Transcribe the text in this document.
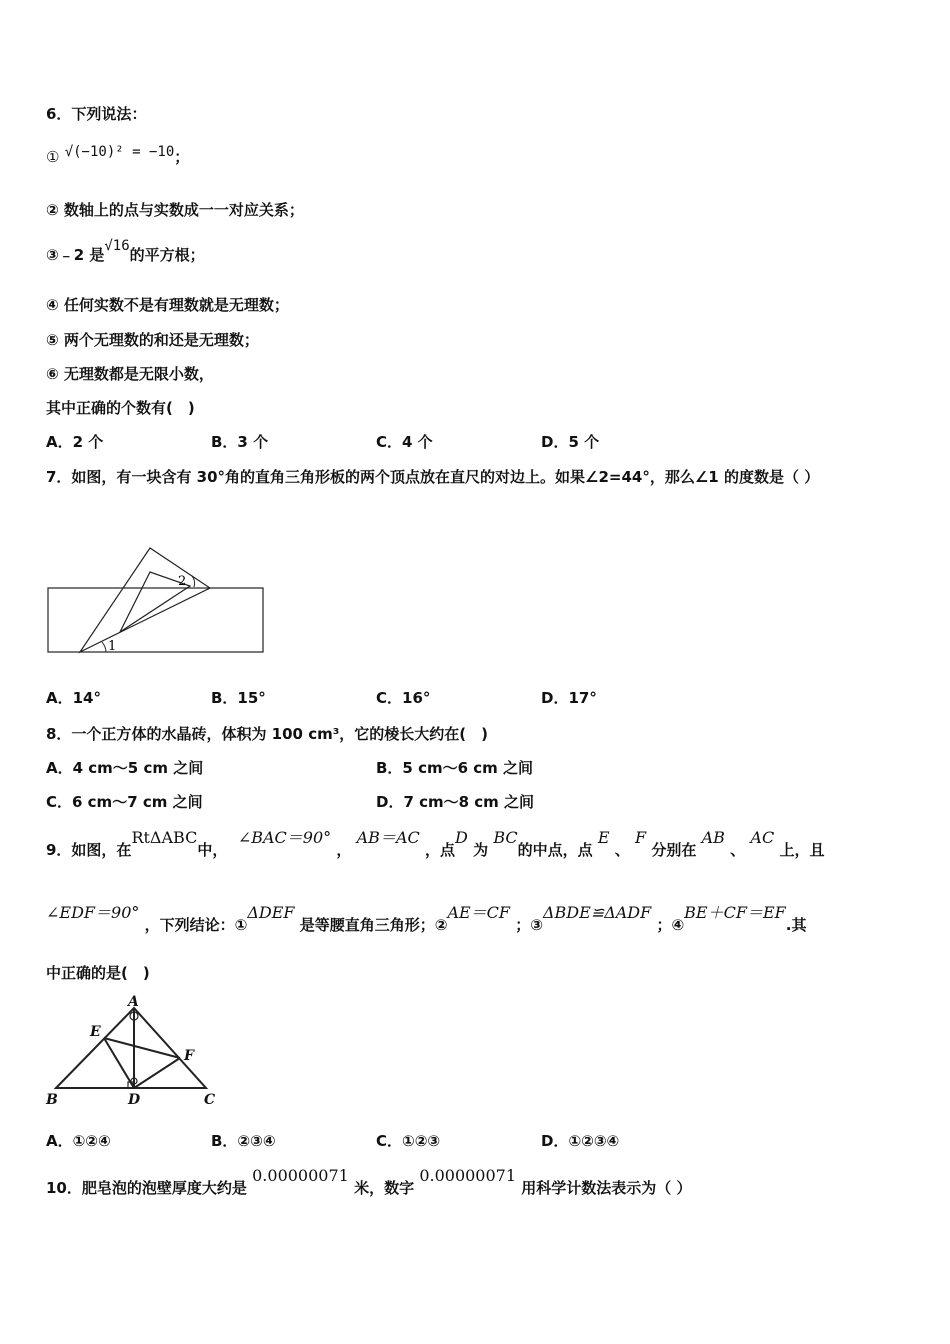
6．下列说法：
① √(−10)² = −10；
② 数轴上的点与实数成一一对应关系；
③﹣2 是√16的平方根；
④ 任何实数不是有理数就是无理数；
⑤ 两个无理数的和还是无理数；
⑥ 无理数都是无限小数，
其中正确的个数有(　)
A．2 个	B．3 个	C．4 个	D．5 个
7．如图，有一块含有 30°角的直角三角形板的两个顶点放在直尺的对边上。如果∠2=44°，那么∠1 的度数是（ ）
1
2
A．14°	B．15°	C．16°	D．17°
8．一个正方体的水晶砖，体积为 100 cm³，它的棱长大约在(　)
A．4 cm～5 cm 之间	B．5 cm～6 cm 之间
C．6 cm～7 cm 之间	D．7 cm～8 cm 之间
9．如图，在RtΔABC中，  ∠BAC＝90° ， AB＝AC ，点D 为 BC的中点，点 E 、 F 分别在 AB 、 AC 上，且
∠EDF＝90° ，下列结论：①ΔDEF 是等腰直角三角形；②AE＝CF ；③ΔBDE≌ΔADF ；④BE＋CF＝EF.其
中正确的是(　)
A
B	C
D
E
F
A．①②④	B．②③④	C．①②③	D．①②③④
10．肥皂泡的泡壁厚度大约是 0.00000071 米，数字 0.00000071 用科学计数法表示为（ ）
